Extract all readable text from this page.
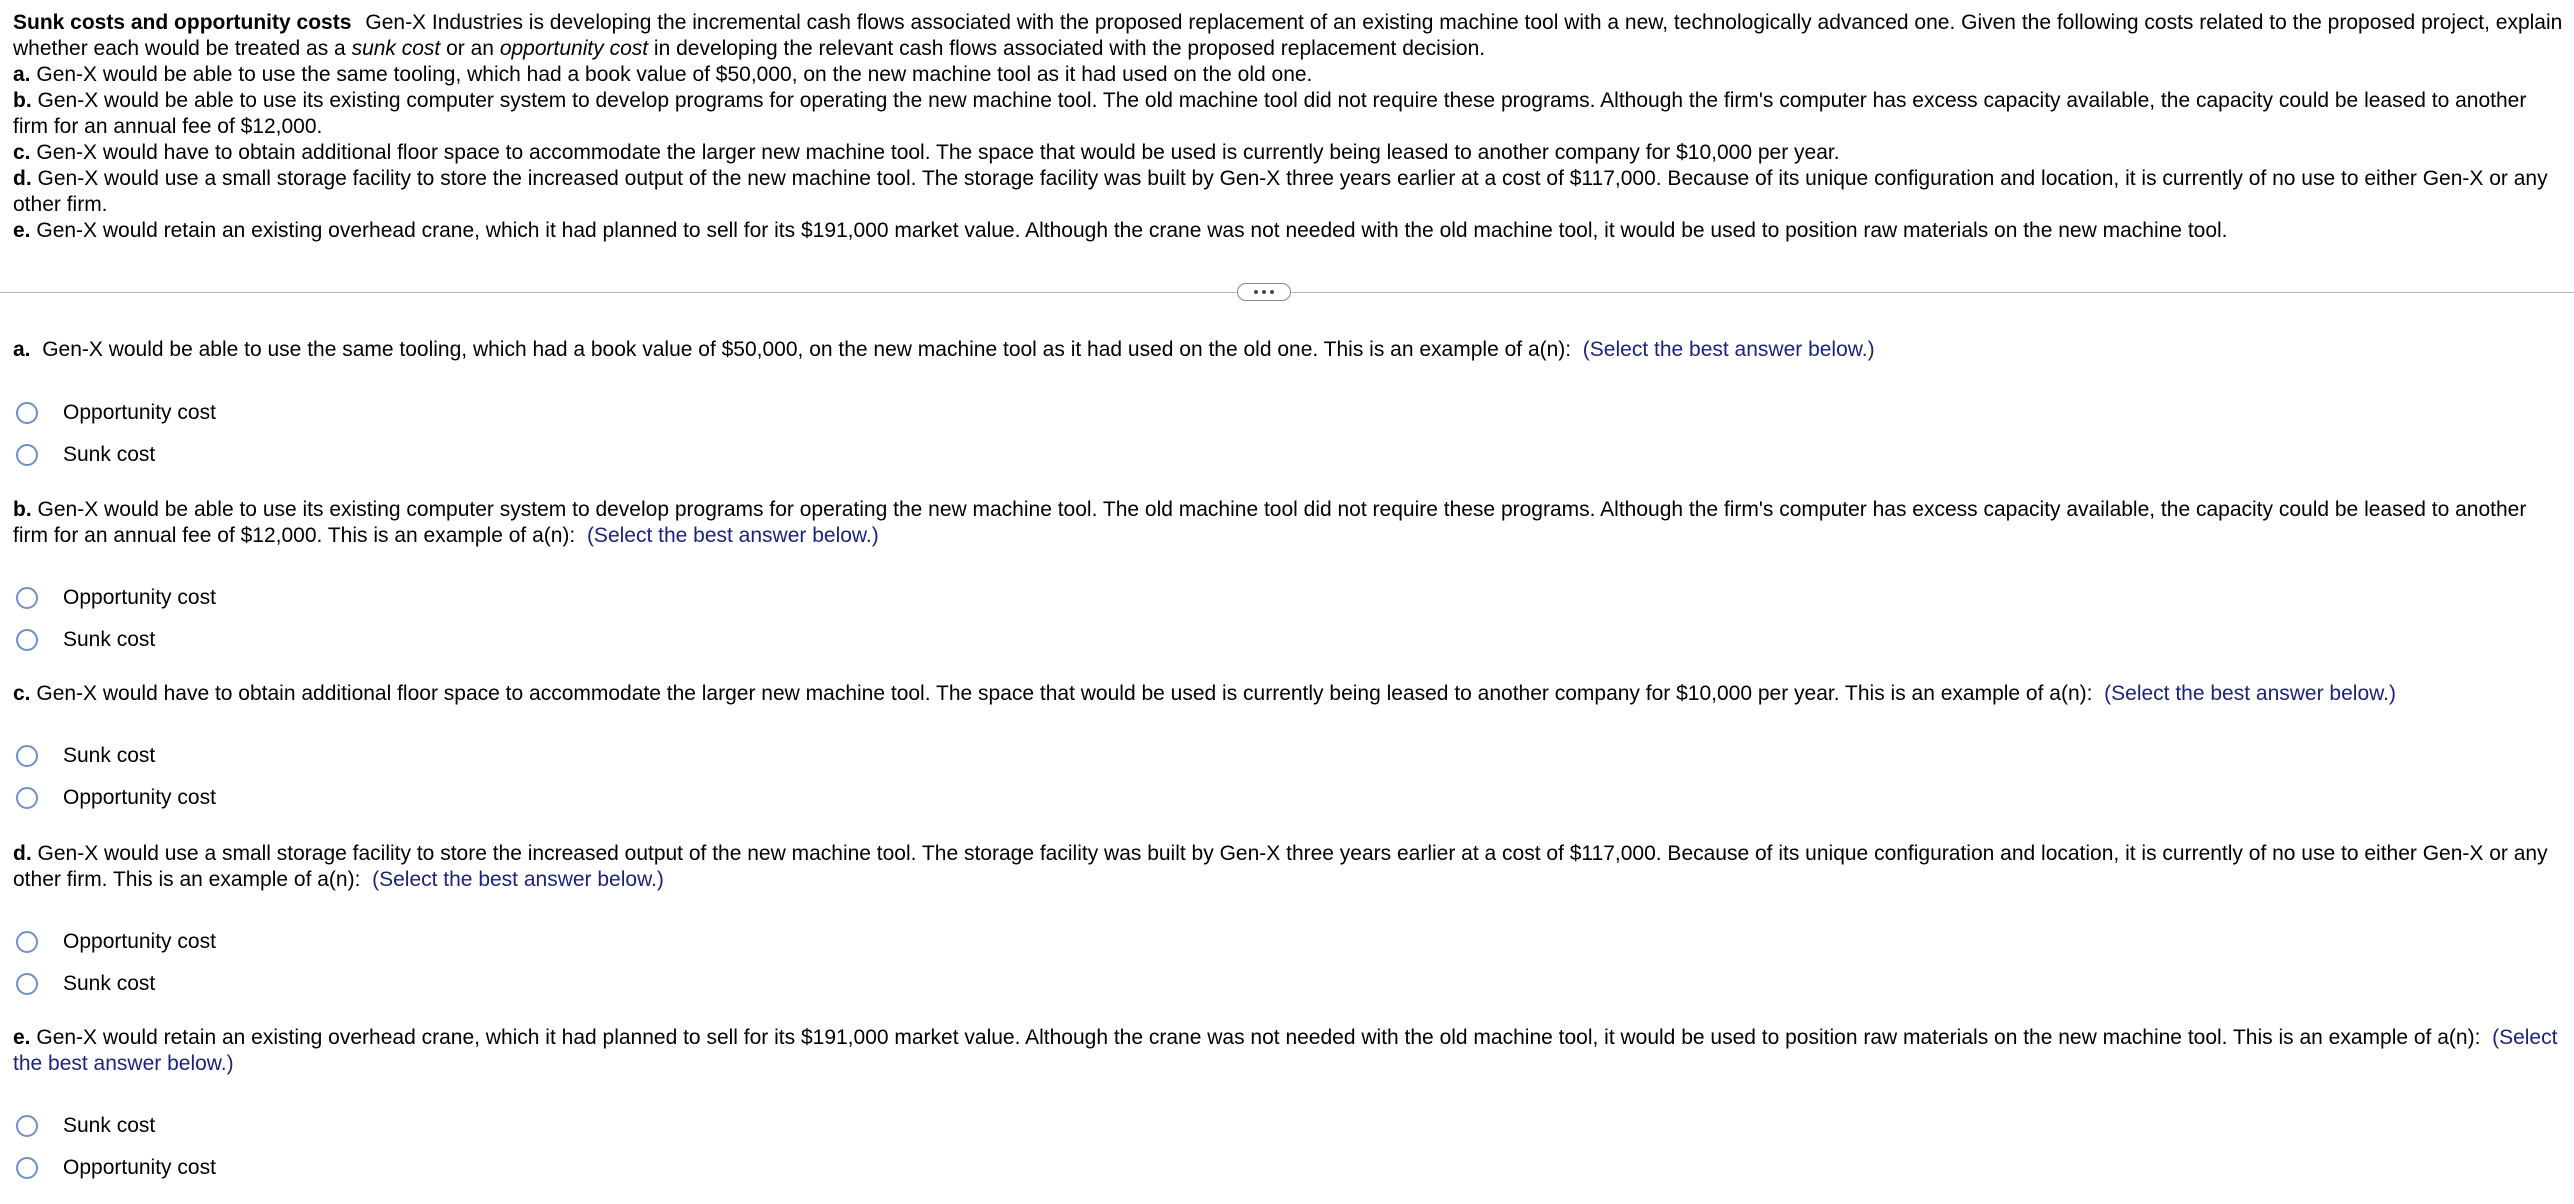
Sunk costs and opportunity costs Gen-X Industries is developing the incremental cash flows associated with the proposed replacement of an existing machine tool with a new, technologically advanced one. Given the following costs related to the proposed project, explain whether each would be treated as a sunk cost or an opportunity cost in developing the relevant cash flows associated with the proposed replacement decision.

a. Gen-X would be able to use the same tooling, which had a book value of $50,000, on the new machine tool as it had used on the old one.

b. Gen-X would be able to use its existing computer system to develop programs for operating the new machine tool. The old machine tool did not require these programs. Although the firm's computer has excess capacity available, the capacity could be leased to another firm for an annual fee of $12,000.

c. Gen-X would have to obtain additional floor space to accommodate the larger new machine tool. The space that would be used is currently being leased to another company for $10,000 per year.

d. Gen-X would use a small storage facility to store the increased output of the new machine tool. The storage facility was built by Gen-X three years earlier at a cost of $117,000. Because of its unique configuration and location, it is currently of no use to either Gen-X or any other firm.

e. Gen-X would retain an existing overhead crane, which it had planned to sell for its $191,000 market value. Although the crane was not needed with the old machine tool, it would be used to position raw materials on the new machine tool.

a. Gen-X would be able to use the same tooling, which had a book value of $50,000, on the new machine tool as it had used on the old one. This is an example of a(n): (Select the best answer below.)

Opportunity cost
Sunk cost

b. Gen-X would be able to use its existing computer system to develop programs for operating the new machine tool. The old machine tool did not require these programs. Although the firm's computer has excess capacity available, the capacity could be leased to another firm for an annual fee of $12,000. This is an example of a(n): (Select the best answer below.)

Opportunity cost
Sunk cost

c. Gen-X would have to obtain additional floor space to accommodate the larger new machine tool. The space that would be used is currently being leased to another company for $10,000 per year. This is an example of a(n): (Select the best answer below.)

Sunk cost
Opportunity cost

d. Gen-X would use a small storage facility to store the increased output of the new machine tool. The storage facility was built by Gen-X three years earlier at a cost of $117,000. Because of its unique configuration and location, it is currently of no use to either Gen-X or any other firm. This is an example of a(n): (Select the best answer below.)

Opportunity cost
Sunk cost

e. Gen-X would retain an existing overhead crane, which it had planned to sell for its $191,000 market value. Although the crane was not needed with the old machine tool, it would be used to position raw materials on the new machine tool. This is an example of a(n): (Select the best answer below.)

Sunk cost
Opportunity cost
